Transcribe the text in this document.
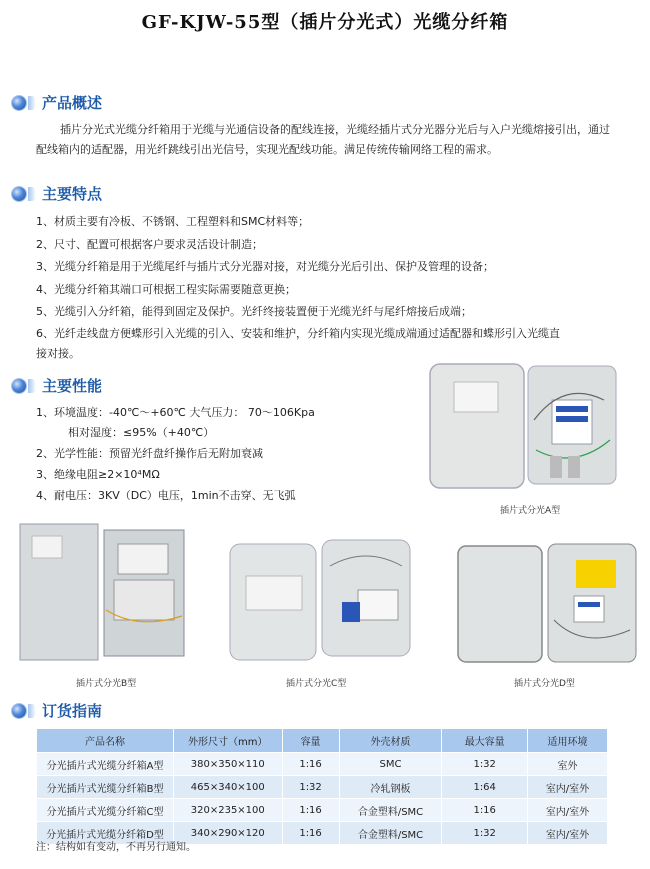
GF-KJW-55型（插片分光式）光缆分纤箱
产品概述
插片分光式光缆分纤箱用于光缆与光通信设备的配线连接，光缆经插片式分光器分光后与入户光缆熔接引出，通过配线箱内的适配器，用光纤跳线引出光信号，实现光配线功能。满足传统传输网络工程的需求。
主要特点
1、材质主要有冷板、不锈钢、工程塑料和SMC材料等；
2、尺寸、配置可根据客户要求灵活设计制造；
3、光缆分纤箱是用于光缆尾纤与插片式分光器对接，对光缆分光后引出、保护及管理的设备；
4、光缆分纤箱其端口可根据工程实际需要随意更换；
5、光缆引入分纤箱，能得到固定及保护。光纤终接装置便于光缆光纤与尾纤熔接后成端；
6、光纤走线盘方便蝶形引入光缆的引入、安装和维护，分纤箱内实现光缆成端通过适配器和蝶形引入光缆直
接对接。
主要性能
1、环境温度：-40℃～+60℃ 大气压力： 70～106Kpa
相对湿度：≤95%（+40℃）
2、光学性能：预留光纤盘纤操作后无附加衰减
3、绝缘电阻≥2×10⁴MΩ
4、耐电压：3KV（DC）电压，1min不击穿、无飞弧
插片式分光A型
插片式分光B型	插片式分光C型	插片式分光D型
订货指南
产品名称	外形尺寸（mm）	容量	外壳材质	最大容量	适用环境
分光插片式光缆分纤箱A型	380×350×110	1:16	SMC	1:32	室外
分光插片式光缆分纤箱B型	465×340×100	1:32	冷轧钢板	1:64	室内/室外
分光插片式光缆分纤箱C型	320×235×100	1:16	合金塑料/SMC	1:16	室内/室外
分光插片式光缆分纤箱D型	340×290×120	1:16	合金塑料/SMC	1:32	室内/室外
注：结构如有变动，不再另行通知。
